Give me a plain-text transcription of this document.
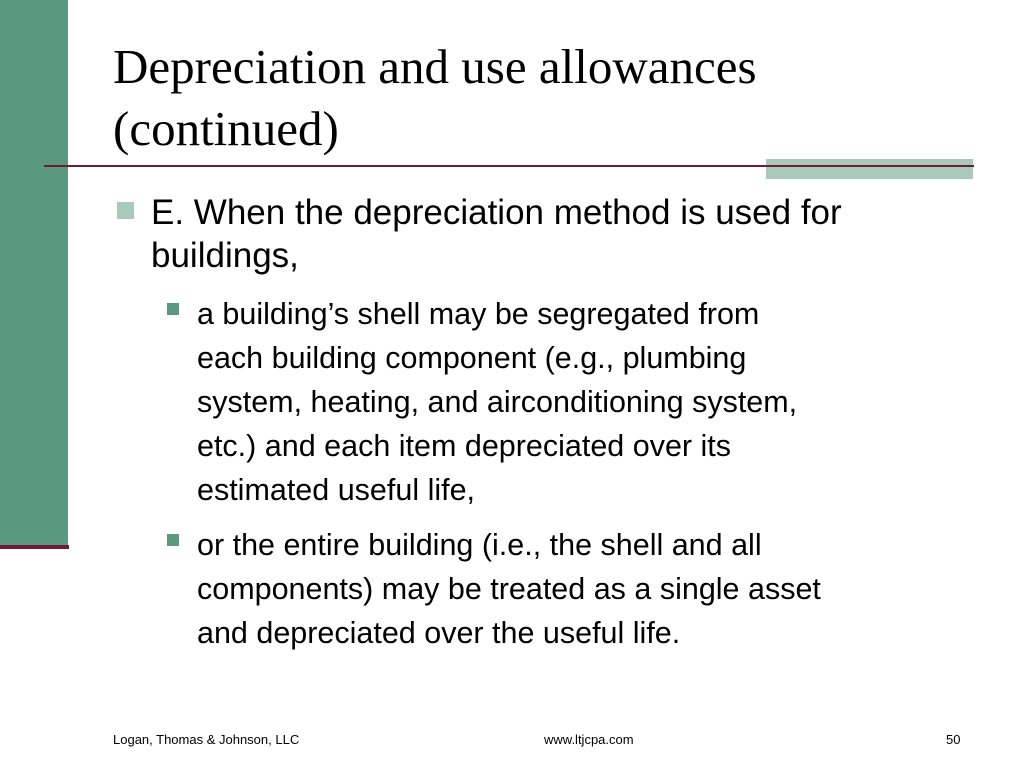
Depreciation and use allowances
(continued)
E. When the depreciation method is used for
buildings,
a building’s shell may be segregated from
each building component (e.g., plumbing
system, heating, and airconditioning system,
etc.) and each item depreciated over its
estimated useful life,
or the entire building (i.e., the shell and all
components) may be treated as a single asset
and depreciated over the useful life.
Logan, Thomas & Johnson, LLC	www.ltjcpa.com	50
